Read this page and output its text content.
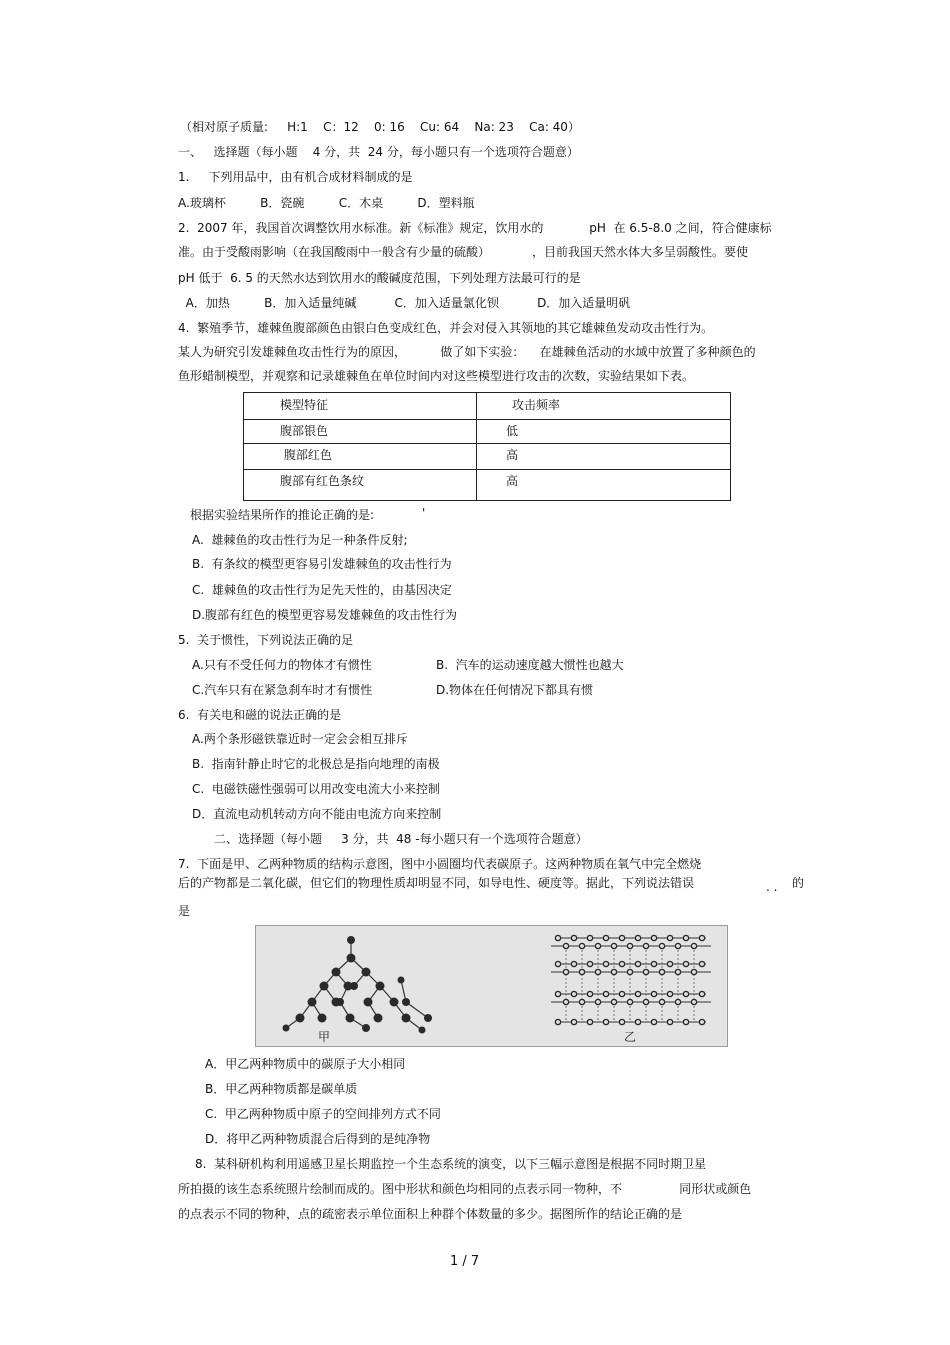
（相对原子质量:     H:1    C：12    0: 16    Cu: 64    Na: 23    Ca: 40）
一、   选择题（每小题    4 分，共  24 分，每小题只有一个选项符合题意）
1.     下列用品中，由有机合成材料制成的是
A.玻璃杯         B．瓷碗         C．木桌         D．塑料瓶
2.  2007 年，我国首次调整饮用水标准。新《标准》规定，饮用水的            pH  在 6.5-8.0 之间，符合健康标
准。由于受酸雨影响（在我国酸雨中一般含有少量的硫酸）           ，目前我国天然水体大多呈弱酸性。要使
pH 低于  6. 5 的天然水达到饮用水的酸碱度范围，下列处理方法最可行的是
A．加热         B．加入适量纯碱          C．加入适量氯化钡          D．加入适量明矾
4.  繁殖季节，雄棘鱼腹部颜色由银白色变成红色，并会对侵入其领地的其它雄棘鱼发动攻击性行为。
某人为研究引发雄棘鱼攻击性行为的原因，         做了如下实验：    在雄棘鱼活动的水域中放置了多种颜色的
鱼形蜡制模型，并观察和记录雄棘鱼在单位时间内对这些模型进行攻击的次数，实验结果如下表。
模型特征	攻击频率
腹部银色	低
腹部红色	高
腹部有红色条纹	高
根据实验结果所作的推论正确的是:	'
A.  雄棘鱼的攻击性行为足一种条件反射;
B.  有条纹的模型更容易引发雄棘鱼的攻击性行为
C.  雄棘鱼的攻击性行为足先天性的，由基因决定
D.腹部有红色的模型更容易发雄棘鱼的攻击性行为
5.  关于惯性，下列说法正确的足
A.只有不受任何力的物体才有惯性	B.  汽车的运动速度越大惯性也越大
C.汽车只有在紧急刹车时才有惯性	D.物体在任何情况下都具有惯
6.  有关电和磁的说法正确的是
A.两个条形磁铁靠近时一定会会相互排斥
B.  指南针静止时它的北极总是指向地理的南极
C.  电磁铁磁性强弱可以用改变电流大小来控制
D．直流电动机转动方向不能由电流方向来控制
二、选择题（每小题     3 分，共  48 -每小题只有一个选项符合题意）
7.  下面是甲、乙两种物质的结构示意图，图中小圆圈均代表碳原子。这两种物质在氧气中完全燃烧
后的产物都是二氧化碳，但它们的物理性质却明显不同，如导电性、硬度等。据此，下列说法错误	. . 的
是
甲	乙
A．甲乙两种物质中的碳原子大小相同
B．甲乙两种物质都是碳单质
C.  甲乙两种物质中原子的空间排列方式不同
D．将甲乙两种物质混合后得到的是纯净物
8.  某科研机构利用遥感卫星长期监控一个生态系统的演变，以下三幅示意图是根据不同时期卫星
所拍摄的该生态系统照片绘制而成的。图中形状和颜色均相同的点表示同一物种，不               同形状或颜色
的点表示不同的物种，点的疏密表示单位面积上种群个体数量的多少。据图所作的结论正确的是
1 / 7
